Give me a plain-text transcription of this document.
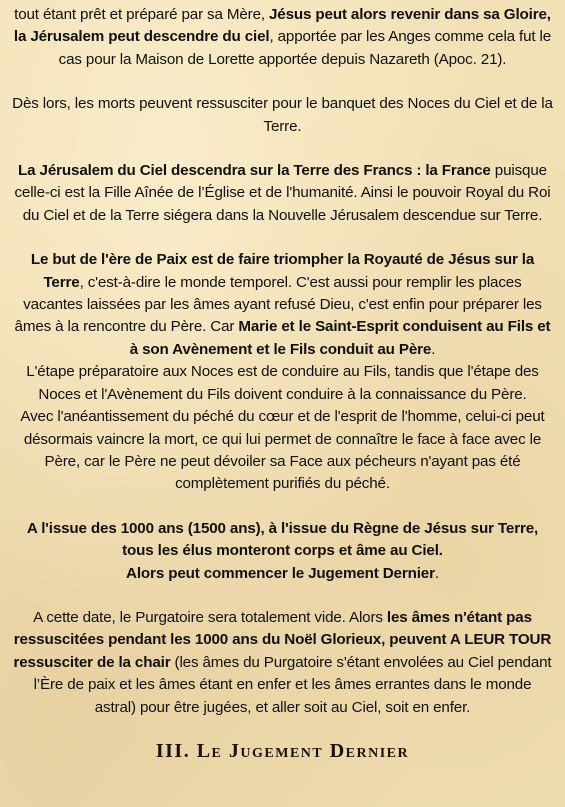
tout étant prêt et préparé par sa Mère, Jésus peut alors revenir dans sa Gloire, la Jérusalem peut descendre du ciel, apportée par les Anges comme cela fut le cas pour la Maison de Lorette apportée depuis Nazareth (Apoc. 21).

Dès lors, les morts peuvent ressusciter pour le banquet des Noces du Ciel et de la Terre.

La Jérusalem du Ciel descendra sur la Terre des Francs : la France puisque celle-ci est la Fille Aînée de l’Église et de l'humanité. Ainsi le pouvoir Royal du Roi du Ciel et de la Terre siégera dans la Nouvelle Jérusalem descendue sur Terre.

Le but de l'ère de Paix est de faire triompher la Royauté de Jésus sur la Terre, c'est-à-dire le monde temporel. C'est aussi pour remplir les places vacantes laissées par les âmes ayant refusé Dieu, c'est enfin pour préparer les âmes à la rencontre du Père. Car Marie et le Saint-Esprit conduisent au Fils et à son Avènement et le Fils conduit au Père.

L'étape préparatoire aux Noces est de conduire au Fils, tandis que l'étape des Noces et l'Avènement du Fils doivent conduire à la connaissance du Père.

Avec l'anéantissement du péché du cœur et de l'esprit de l'homme, celui-ci peut désormais vaincre la mort, ce qui lui permet de connaître le face à face avec le Père, car le Père ne peut dévoiler sa Face aux pécheurs n'ayant pas été complètement purifiés du péché.

A l'issue des 1000 ans (1500 ans), à l'issue du Règne de Jésus sur Terre, tous les élus monteront corps et âme au Ciel.

Alors peut commencer le Jugement Dernier.

A cette date, le Purgatoire sera totalement vide. Alors les âmes n'étant pas ressuscitées pendant les 1000 ans du Noël Glorieux, peuvent A LEUR TOUR ressusciter de la chair (les âmes du Purgatoire s'étant envolées au Ciel pendant l’Ère de paix et les âmes étant en enfer et les âmes errantes dans le monde astral) pour être jugées, et aller soit au Ciel, soit en enfer.

III. Le Jugement Dernier
